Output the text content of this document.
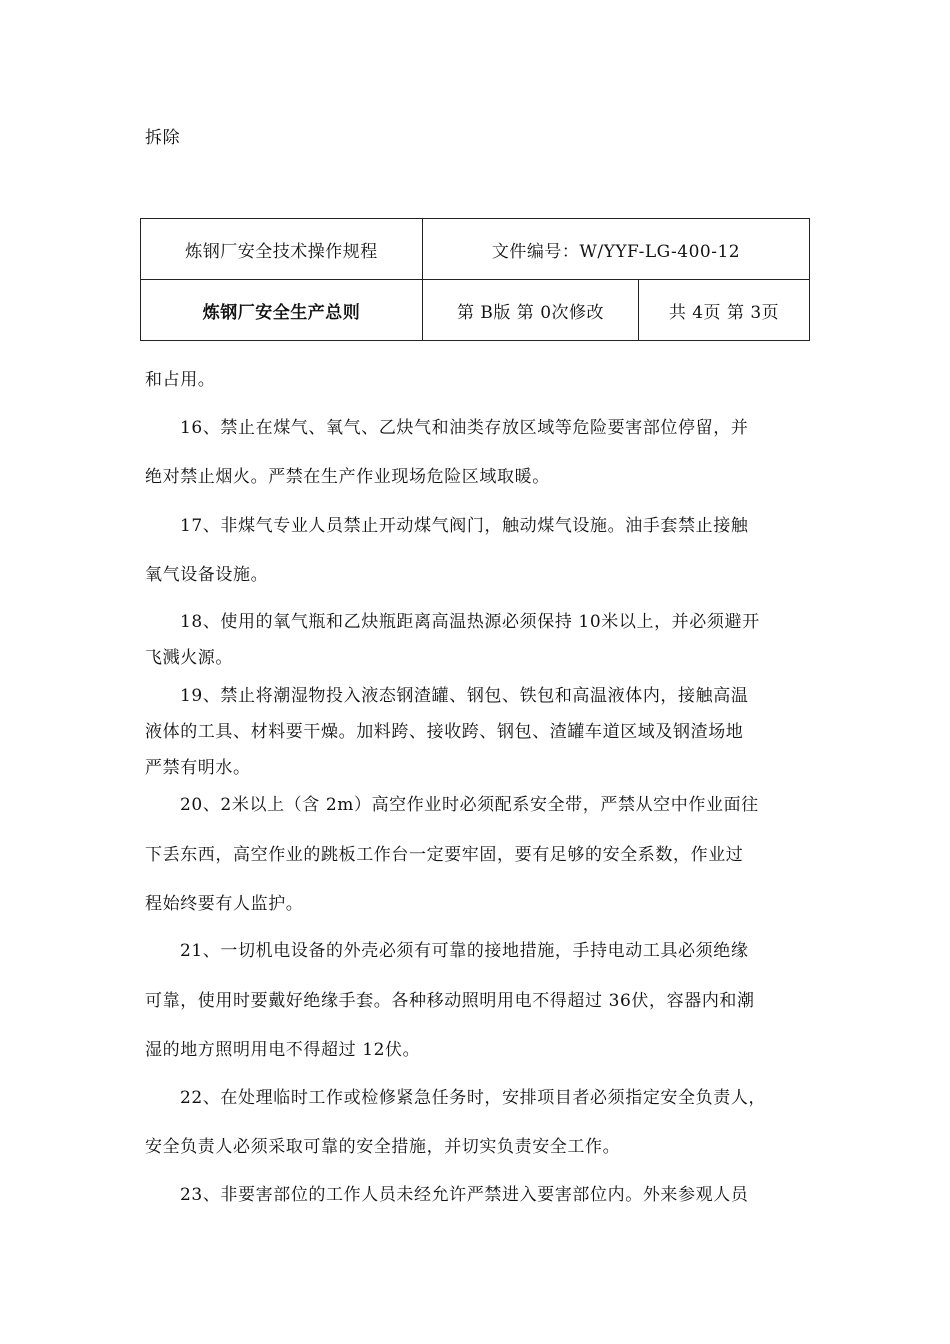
拆除
炼钢厂安全技术操作规程	文件编号：W/YYF-LG-400-12	
炼钢厂安全生产总则	第 B版 第 0次修改	共 4页 第 3页
和占用。
16、禁止在煤气、氧气、乙炔气和油类存放区域等危险要害部位停留，并
绝对禁止烟火。严禁在生产作业现场危险区域取暖。
17、非煤气专业人员禁止开动煤气阀门，触动煤气设施。油手套禁止接触
氧气设备设施。
18、使用的氧气瓶和乙炔瓶距离高温热源必须保持 10米以上，并必须避开
飞溅火源。
19、禁止将潮湿物投入液态钢渣罐、钢包、铁包和高温液体内，接触高温
液体的工具、材料要干燥。加料跨、接收跨、钢包、渣罐车道区域及钢渣场地
严禁有明水。
20、2米以上（含 2m）高空作业时必须配系安全带，严禁从空中作业面往
下丢东西，高空作业的跳板工作台一定要牢固，要有足够的安全系数，作业过
程始终要有人监护。
21、一切机电设备的外壳必须有可靠的接地措施，手持电动工具必须绝缘
可靠，使用时要戴好绝缘手套。各种移动照明用电不得超过 36伏，容器内和潮
湿的地方照明用电不得超过 12伏。
22、在处理临时工作或检修紧急任务时，安排项目者必须指定安全负责人，
安全负责人必须采取可靠的安全措施，并切实负责安全工作。
23、非要害部位的工作人员未经允许严禁进入要害部位内。外来参观人员
